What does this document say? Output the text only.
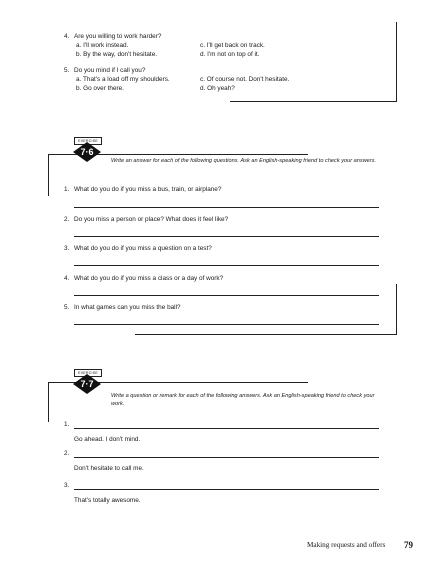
4. Are you willing to work harder?
a. I'll work instead.
b. By the way, don't hesitate.
c. I'll get back on track.
d. I'm not on top of it.
5. Do you mind if I call you?
a. That's a load off my shoulders.
b. Go over there.
c. Of course not. Don't hesitate.
d. Oh yeah?
EXERCISE
7·6
Write an answer for each of the following questions. Ask an English-speaking friend to check your answers.
1. What do you do if you miss a bus, train, or airplane?
2. Do you miss a person or place? What does it feel like?
3. What do you do if you miss a question on a test?
4. What do you do if you miss a class or a day of work?
5. In what games can you miss the ball?
EXERCISE
7·7
Write a question or remark for each of the following answers. Ask an English-speaking friend to check your work.
1.
Go ahead. I don't mind.
2.
Don't hesitate to call me.
3.
That's totally awesome.
Making requests and offers 79
